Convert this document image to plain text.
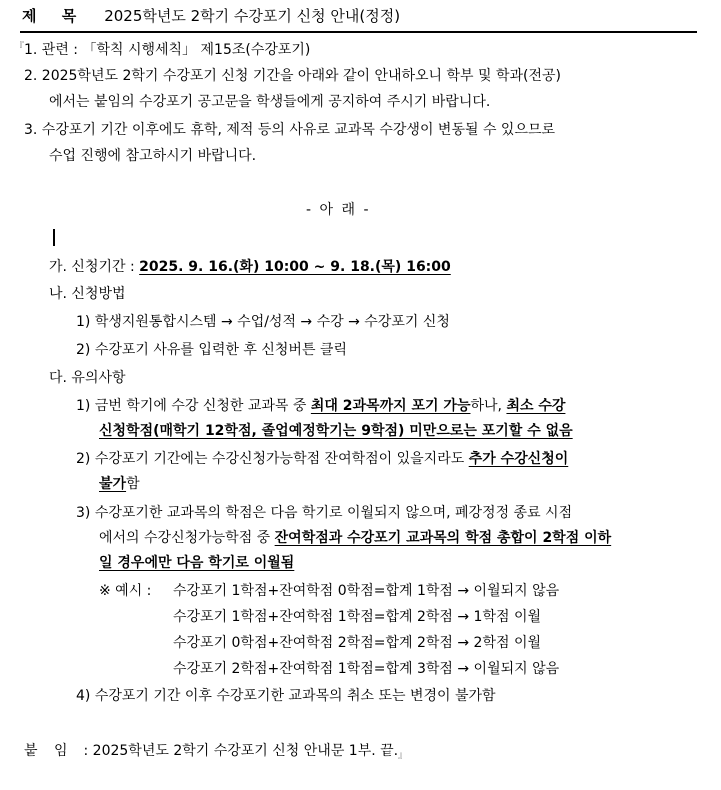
제 목 2025학년도 2학기 수강포기 신청 안내(정정)
『 1. 관련 : 「학칙 시행세칙」 제15조(수강포기)
2. 2025학년도 2학기 수강포기 신청 기간을 아래와 같이 안내하오니 학부 및 학과(전공)
에서는 붙임의 수강포기 공고문을 학생들에게 공지하여 주시기 바랍니다.
3. 수강포기 기간 이후에도 휴학, 제적 등의 사유로 교과목 수강생이 변동될 수 있으므로
수업 진행에 참고하시기 바랍니다.
- 아 래 -
가. 신청기간 : 2025. 9. 16.(화) 10:00 ~ 9. 18.(목) 16:00
나. 신청방법
1) 학생지원통합시스템 → 수업/성적 → 수강 → 수강포기 신청
2) 수강포기 사유를 입력한 후 신청버튼 클릭
다. 유의사항
1) 금번 학기에 수강 신청한 교과목 중 최대 2과목까지 포기 가능하나, 최소 수강
신청학점(매학기 12학점, 졸업예정학기는 9학점) 미만으로는 포기할 수 없음
2) 수강포기 기간에는 수강신청가능학점 잔여학점이 있을지라도 추가 수강신청이
불가함
3) 수강포기한 교과목의 학점은 다음 학기로 이월되지 않으며, 폐강정정 종료 시점
에서의 수강신청가능학점 중 잔여학점과 수강포기 교과목의 학점 총합이 2학점 이하
일 경우에만 다음 학기로 이월됨
※ 예시 : 수강포기 1학점+잔여학점 0학점=합계 1학점 → 이월되지 않음
수강포기 1학점+잔여학점 1학점=합계 2학점 → 1학점 이월
수강포기 0학점+잔여학점 2학점=합계 2학점 → 2학점 이월
수강포기 2학점+잔여학점 1학점=합계 3학점 → 이월되지 않음
4) 수강포기 기간 이후 수강포기한 교과목의 취소 또는 변경이 불가함
붙 임 : 2025학년도 2학기 수강포기 신청 안내문 1부. 끝$._』$
